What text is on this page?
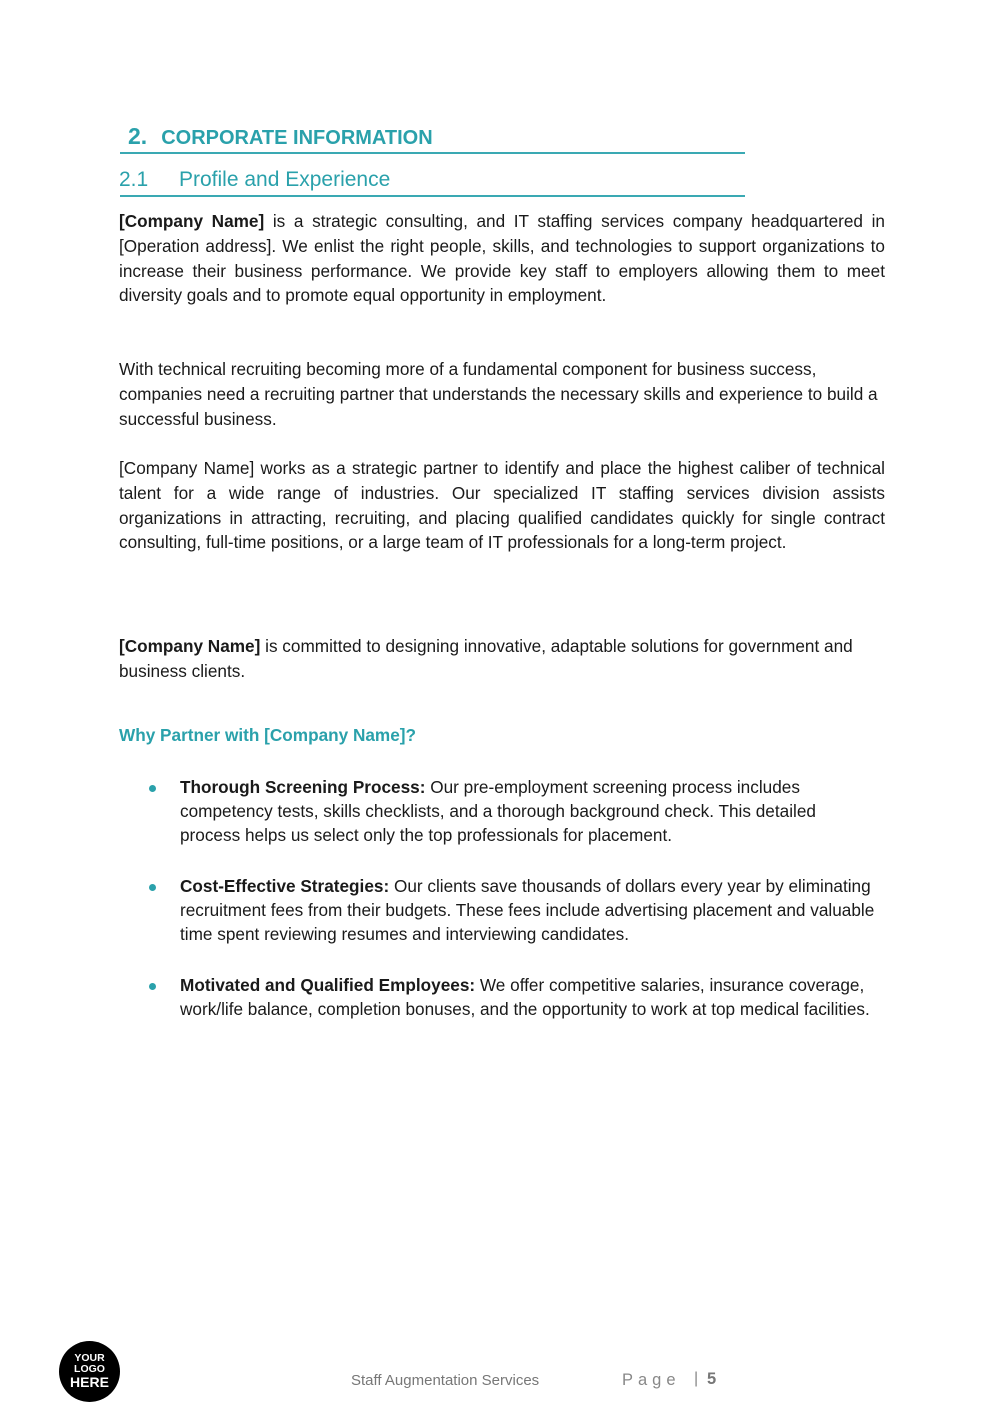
2. CORPORATE INFORMATION
2.1 Profile and Experience
[Company Name] is a strategic consulting, and IT staffing services company headquartered in [Operation address]. We enlist the right people, skills, and technologies to support organizations to increase their business performance. We provide key staff to employers allowing them to meet diversity goals and to promote equal opportunity in employment.
With technical recruiting becoming more of a fundamental component for business success, companies need a recruiting partner that understands the necessary skills and experience to build a successful business.
[Company Name] works as a strategic partner to identify and place the highest caliber of technical talent for a wide range of industries. Our specialized IT staffing services division assists organizations in attracting, recruiting, and placing qualified candidates quickly for single contract consulting, full-time positions, or a large team of IT professionals for a long-term project.
[Company Name] is committed to designing innovative, adaptable solutions for government and business clients.
Why Partner with [Company Name]?
Thorough Screening Process: Our pre-employment screening process includes competency tests, skills checklists, and a thorough background check. This detailed process helps us select only the top professionals for placement.
Cost-Effective Strategies: Our clients save thousands of dollars every year by eliminating recruitment fees from their budgets. These fees include advertising placement and valuable time spent reviewing resumes and interviewing candidates.
Motivated and Qualified Employees: We offer competitive salaries, insurance coverage, work/life balance, completion bonuses, and the opportunity to work at top medical facilities.
YOUR
LOGO
HERE	Staff Augmentation Services	Page | 5
